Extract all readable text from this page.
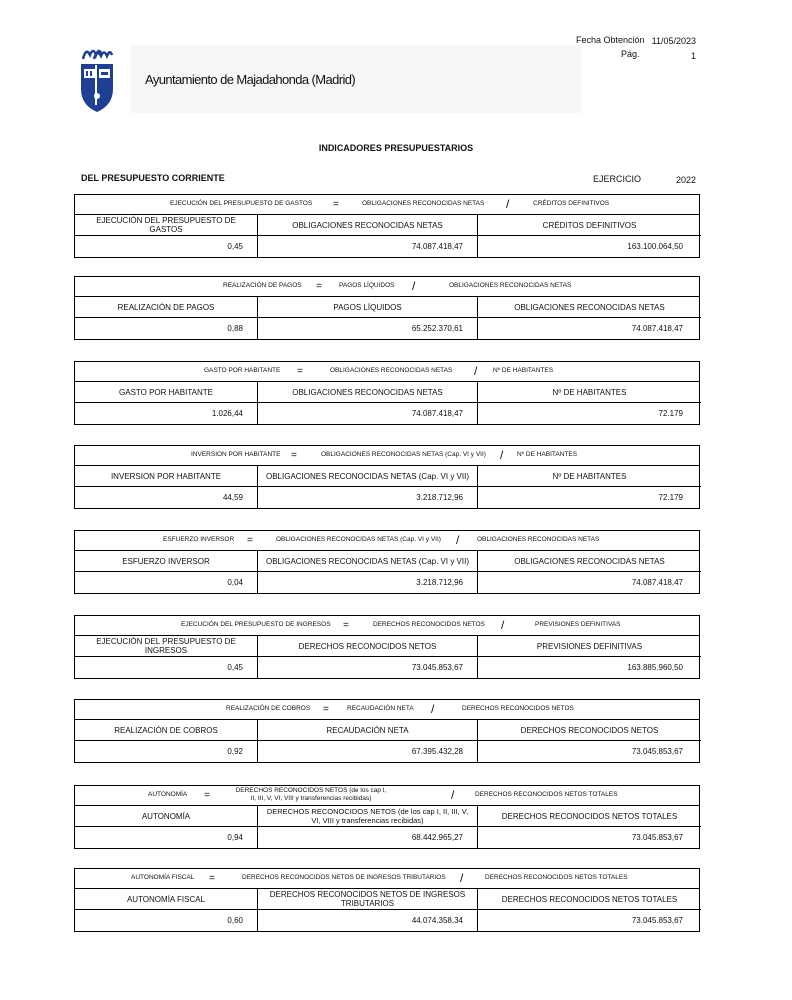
Fecha Obtención 11/05/2023
Pág.	1
Ayuntamiento de Majadahonda (Madrid)
INDICADORES PRESUPUESTARIOS
DEL PRESUPUESTO CORRIENTE	EJERCICIO	2022
EJECUCIÓN DEL PRESUPUESTO DE GASTOS =	OBLIGACIONES RECONOCIDAS NETAS /	CRÉDITOS DEFINITIVOS
EJECUCIÓN DEL PRESUPUESTO DE GASTOS	OBLIGACIONES RECONOCIDAS NETAS	CRÉDITOS DEFINITIVOS
0,45	74.087.418,47	163.100.064,50
REALIZACIÓN DE PAGOS =	PAGOS LÍQUIDOS /	OBLIGACIONES RECONOCIDAS NETAS
REALIZACIÓN DE PAGOS	PAGOS LÍQUIDOS	OBLIGACIONES RECONOCIDAS NETAS
0,88	65.252.370,61	74.087.418,47
GASTO POR HABITANTE =	OBLIGACIONES RECONOCIDAS NETAS / Nº DE HABITANTES
GASTO POR HABITANTE	OBLIGACIONES RECONOCIDAS NETAS	Nº DE HABITANTES
1.026,44	74.087.418,47	72.179
INVERSION POR HABITANTE =	OBLIGACIONES RECONOCIDAS NETAS (Cap. VI y VII) / Nº DE HABITANTES
INVERSION POR HABITANTE	OBLIGACIONES RECONOCIDAS NETAS (Cap. VI y VII)	Nº DE HABITANTES
44,59	3.218.712,96	72.179
ESFUERZO INVERSOR =	OBLIGACIONES RECONOCIDAS NETAS (Cap. VI y VII) /	OBLIGACIONES RECONOCIDAS NETAS
ESFUERZO INVERSOR	OBLIGACIONES RECONOCIDAS NETAS (Cap. VI y VII)	OBLIGACIONES RECONOCIDAS NETAS
0,04	3.218.712,96	74.087.418,47
EJECUCIÓN DEL PRESUPUESTO DE INGRESOS =	DERECHOS RECONOCIDOS NETOS /	PREVISIONES DEFINITIVAS
EJECUCIÓN DEL PRESUPUESTO DE INGRESOS	DERECHOS RECONOCIDOS NETOS	PREVISIONES DEFINITIVAS
0,45	73.045.853,67	163.885.960,50
REALIZACIÓN DE COBROS =	RECAUDACIÓN NETA /	DERECHOS RECONOCIDOS NETOS
REALIZACIÓN DE COBROS	RECAUDACIÓN NETA	DERECHOS RECONOCIDOS NETOS
0,92	67.395.432,28	73.045.853,67
AUTONOMÍA =	DERECHOS RECONOCIDOS NETOS (de los cap I, II, III, V, VI, VIII y transferencias recibidas)	/	DERECHOS RECONOCIDOS NETOS TOTALES
AUTONOMÍA	DERECHOS RECONOCIDOS NETOS (de los cap I, II, III, V, VI, VIII y transferencias recibidas)	DERECHOS RECONOCIDOS NETOS TOTALES
0,94	68.442.965,27	73.045.853,67
AUTONOMÍA FISCAL =	DERECHOS RECONOCIDOS NETOS DE INGRESOS TRIBUTARIOS /	DERECHOS RECONOCIDOS NETOS TOTALES
AUTONOMÍA FISCAL	DERECHOS RECONOCIDOS NETOS DE INGRESOS TRIBUTARIOS	DERECHOS RECONOCIDOS NETOS TOTALES
0,60	44.074.358,34	73.045.853,67
